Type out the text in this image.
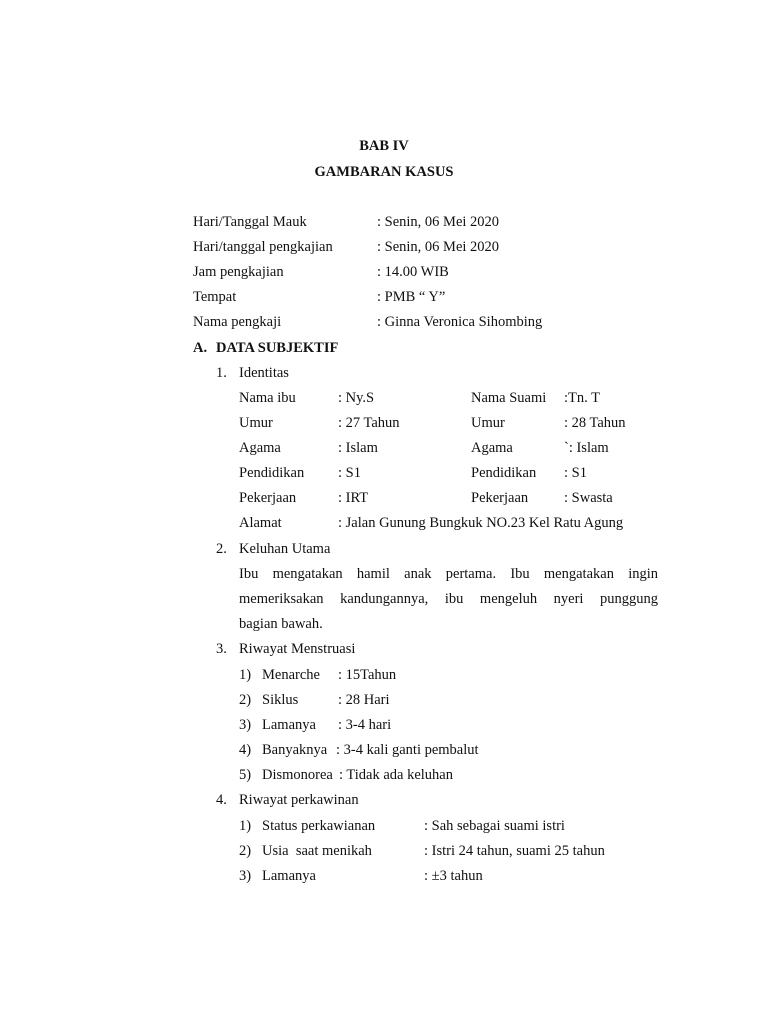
BAB IV
GAMBARAN KASUS
Hari/Tanggal Mauk	: Senin, 06 Mei 2020
Hari/tanggal pengkajian	: Senin, 06 Mei 2020
Jam pengkajian	: 14.00 WIB
Tempat	: PMB “ Y”
Nama pengkaji	: Ginna Veronica Sihombing
A. DATA SUBJEKTIF
1. Identitas
Nama ibu	: Ny.S	Nama Suami :Tn. T
Umur	: 27 Tahun	Umur	: 28 Tahun
Agama	: Islam	Agama	`: Islam
Pendidikan : S1	Pendidikan : S1
Pekerjaan	: IRT	Pekerjaan : Swasta
Alamat	: Jalan Gunung Bungkuk NO.23 Kel Ratu Agung
2. Keluhan Utama
Ibu mengatakan hamil anak pertama. Ibu mengatakan ingin
memeriksakan kandungannya, ibu mengeluh nyeri punggung
bagian bawah.
3. Riwayat Menstruasi
1) Menarche : 15Tahun
2) Siklus	: 28 Hari
3) Lamanya : 3-4 hari
4) Banyaknya : 3-4 kali ganti pembalut
5) Dismonorea : Tidak ada keluhan
4. Riwayat perkawinan
1) Status perkawianan	: Sah sebagai suami istri
2) Usia  saat menikah	: Istri 24 tahun, suami 25 tahun
3) Lamanya	: ±3 tahun
